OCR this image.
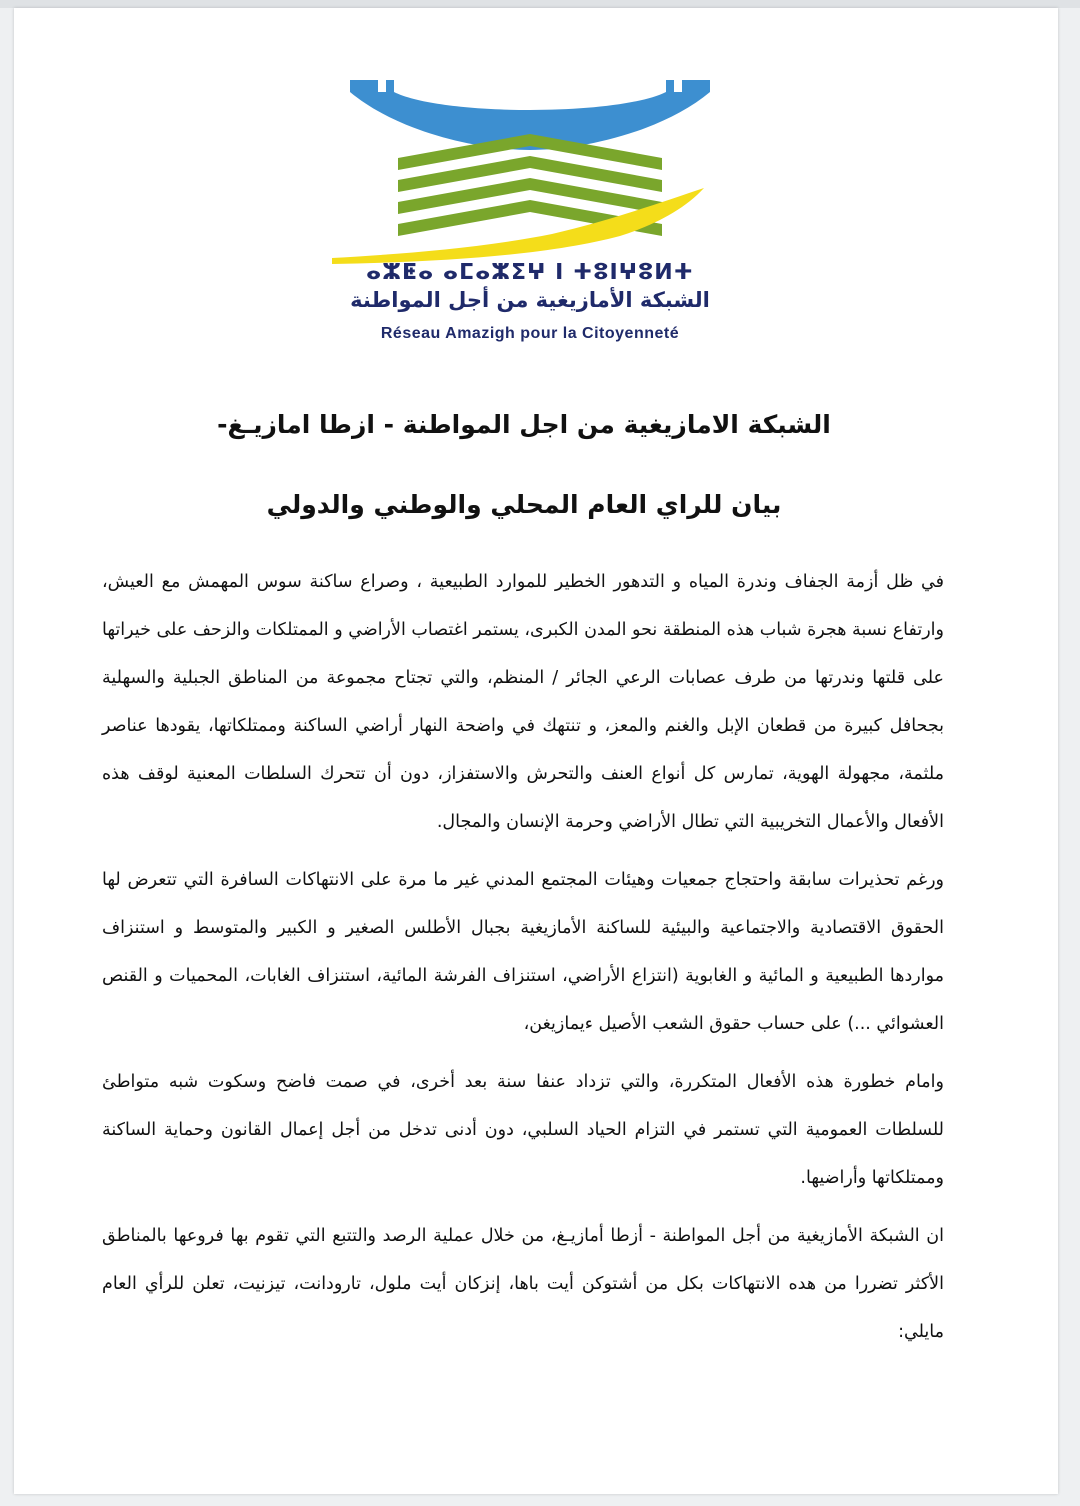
ⴰⵣⵟⴰ ⴰⵎⴰⵣⵉⵖ ⵏ ⵜⵓⵏⵖⵓⵍⵜ
الشبكة الأمازيغية من أجل المواطنة
Réseau Amazigh pour la Citoyenneté
الشبكة الامازيغية من اجل المواطنة - ازطا امازيـغ-
بيان للراي العام المحلي والوطني والدولي

في ظل أزمة الجفاف وندرة المياه و التدهور الخطير للموارد الطبيعية ، وصراع ساكنة سوس المهمش مع العيش، وارتفاع نسبة هجرة شباب هذه المنطقة نحو المدن الكبرى، يستمر اغتصاب الأراضي و الممتلكات والزحف على خيراتها على قلتها وندرتها من طرف عصابات الرعي الجائر / المنظم، والتي تجتاح مجموعة من المناطق الجبلية والسهلية بجحافل كبيرة من قطعان الإبل والغنم والمعز، و تنتهك في واضحة النهار أراضي الساكنة وممتلكاتها، يقودها عناصر ملثمة، مجهولة الهوية، تمارس كل أنواع العنف والتحرش والاستفزاز، دون أن تتحرك السلطات المعنية لوقف هذه الأفعال والأعمال التخريبية التي تطال الأراضي وحرمة الإنسان والمجال.

ورغم تحذيرات سابقة واحتجاج جمعيات وهيئات المجتمع المدني غير ما مرة على الانتهاكات السافرة التي تتعرض لها الحقوق الاقتصادية والاجتماعية والبيئية للساكنة الأمازيغية بجبال الأطلس الصغير و الكبير والمتوسط و استنزاف مواردها الطبيعية و المائية و الغابوية (انتزاع الأراضي، استنزاف الفرشة المائية، استنزاف الغابات، المحميات و القنص العشوائي ...) على حساب حقوق الشعب الأصيل ءيمازيغن،

وامام خطورة هذه الأفعال المتكررة، والتي تزداد عنفا سنة بعد أخرى، في صمت فاضح وسكوت شبه متواطئ للسلطات العمومية التي تستمر في التزام الحياد السلبي، دون أدنى تدخل من أجل إعمال القانون وحماية الساكنة وممتلكاتها وأراضيها.

ان الشبكة الأمازيغية من أجل المواطنة - أزطا أمازيـغ، من خلال عملية الرصد والتتبع التي تقوم بها فروعها بالمناطق الأكثر تضررا من هده الانتهاكات بكل من أشتوكن أيت باها، إنزكان أيت ملول، تارودانت، تيزنيت، تعلن للرأي العام مايلي:
